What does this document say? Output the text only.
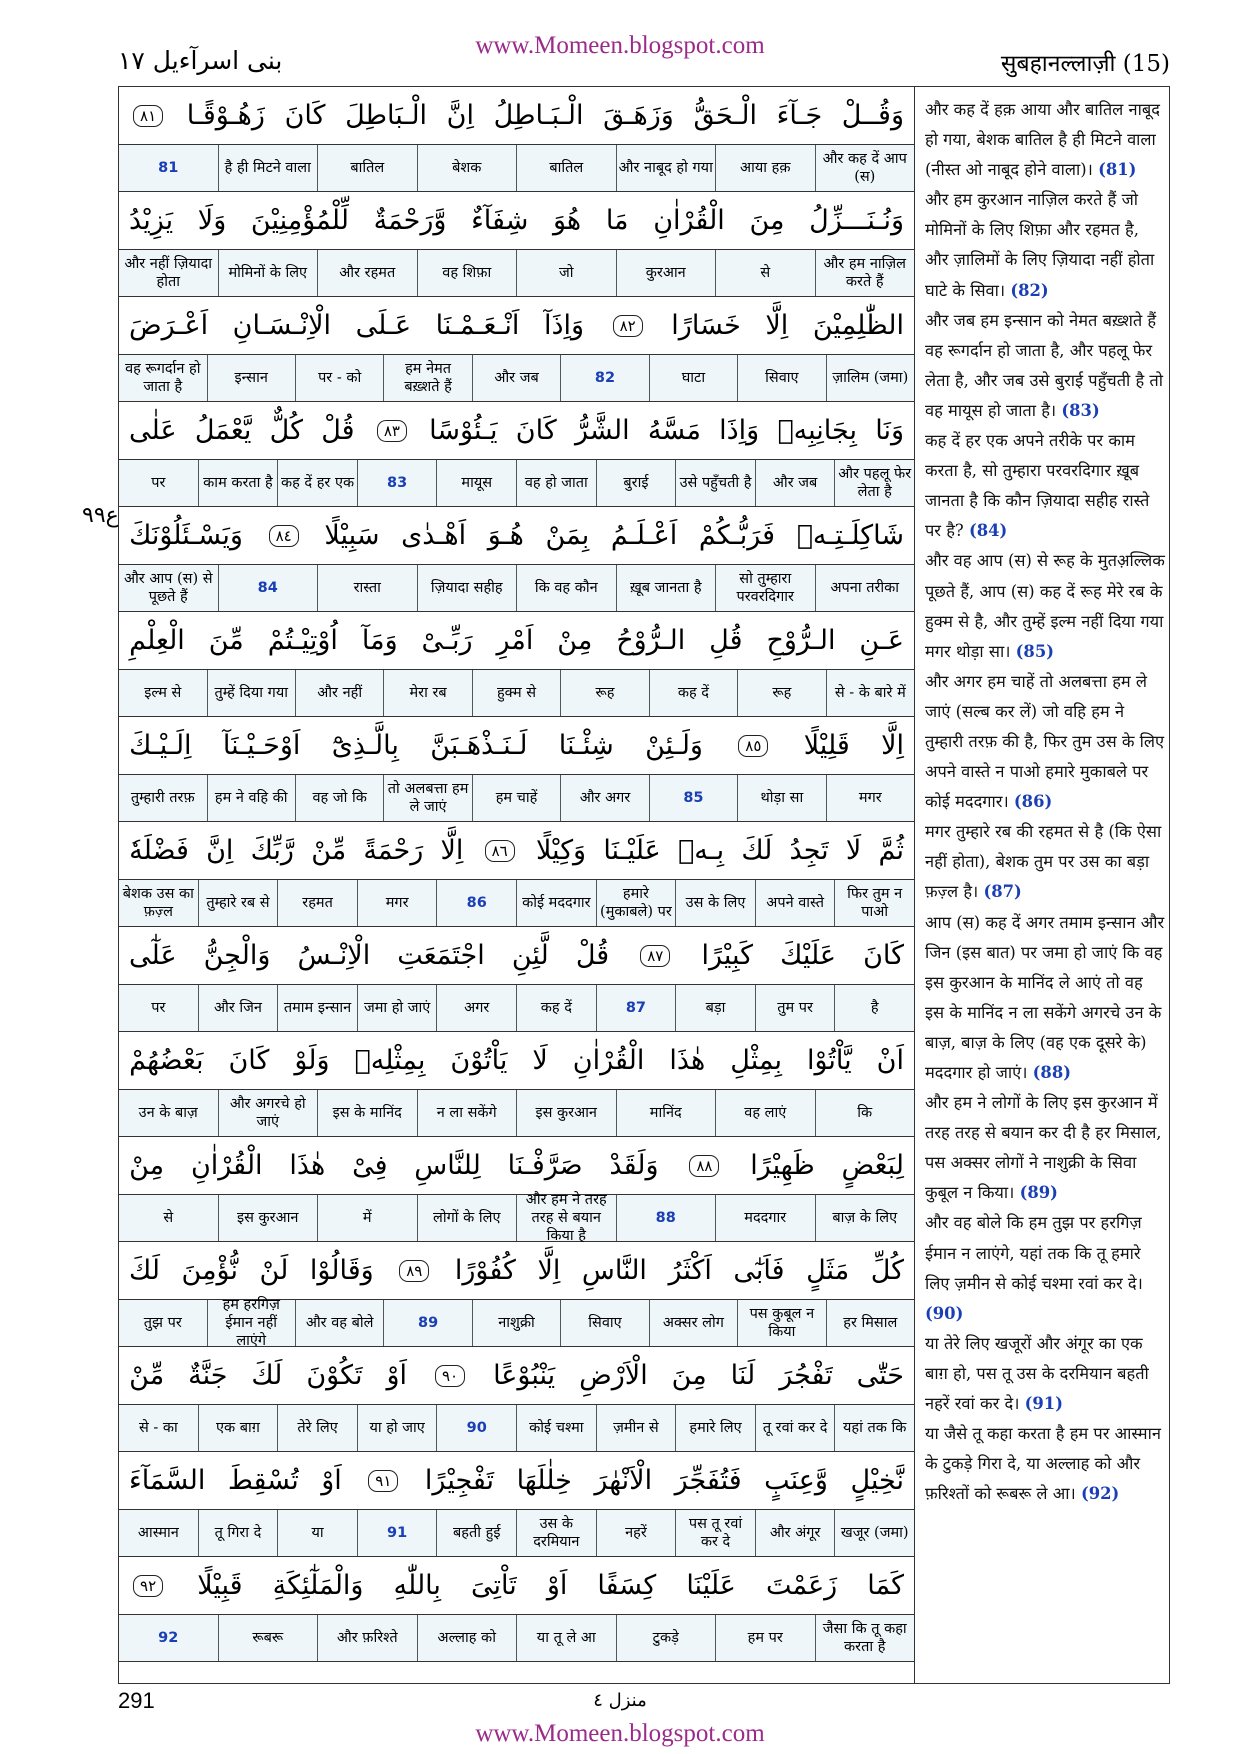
www.Momeen.blogspot.com
بنی اسرآءیل ۱۷	सुबहानल्लाज़ी (15)
۹ع۹
وَقُــلْ
جَـآءَ
الْـحَقُّ
وَزَهَـقَ
الْـبَـاطِلُ
اِنَّ
الْـبَاطِلَ
كَانَ
زَهُـوْقًـا
٨١
और कह दें आप (स)
आया हक़
और नाबूद हो गया
बातिल
बेशक
बातिल
है ही मिटने वाला
81
وَنُـنَـــزِّلُ
مِنَ
الْقُرْاٰنِ
مَا
هُوَ
شِفَآءٌ
وَّرَحْمَةٌ
لِّلْمُؤْمِنِيْنَ
وَلَا
يَزِيْدُ
और हम नाज़िल करते हैं
से
कुरआन
जो
वह शिफ़ा
और रहमत
मोमिनों के लिए
और नहीं ज़ियादा होता
الظّٰلِمِيْنَ
اِلَّا
خَسَارًا
٨٢
وَاِذَآ
اَنْـعَـمْـنَا
عَـلَى
الْاِنْـسَـانِ
اَعْـرَضَ
ज़ालिम (जमा)
सिवाए
घाटा
82
और जब
हम नेमत बख़्शते हैं
पर - को
इन्सान
वह रूगर्दान हो जाता है
وَنَا
بِجَانِبِهٖ
وَاِذَا
مَسَّهُ
الشَّرُّ
كَانَ
يَـئُوْسًا
٨٣
قُلْ
كُلٌّ
يَّعْمَلُ
عَلٰى
और पहलू फेर लेता है
और जब
उसे पहुँचती है
बुराई
वह हो जाता
मायूस
83
कह दें हर एक
काम करता है
पर
شَاكِلَـتِـهٖ
فَرَبُّـكُمْ
اَعْـلَـمُ
بِمَنْ
هُـوَ
اَهْـدٰى
سَبِيْلًا
٨٤
وَيَسْـئَلُوْنَكَ
अपना तरीका
सो तुम्हारा परवरदिगार
ख़ूब जानता है
कि वह कौन
ज़ियादा सहीह
रास्ता
84
और आप (स) से पूछते हैं
عَـنِ
الـرُّوْحِ
قُلِ
الـرُّوْحُ
مِنْ
اَمْرِ
رَبِّـىْ
وَمَآ
اُوْتِيْـتُمْ
مِّنَ
الْعِلْمِ
से - के बारे में
रूह
कह दें
रूह
हुक्म से
मेरा रब
और नहीं
तुम्हें दिया गया
इल्म से
اِلَّا
قَلِيْلًا
٨٥
وَلَـئِنْ
شِئْـنَا
لَـنَـذْهَـبَنَّ
بِالَّـذِىْٓ
اَوْحَـيْـنَآ
اِلَـيْـكَ
मगर
थोड़ा सा
85
और अगर
हम चाहें
तो अलबत्ता हम ले जाएं
वह जो कि
हम ने वहि की
तुम्हारी तरफ़
ثُمَّ
لَا
تَجِدُ
لَكَ
بِـهٖ
عَلَيْـنَا
وَكِيْلًا
٨٦
اِلَّا
رَحْمَةً
مِّنْ
رَّبِّكَ
اِنَّ
فَضْلَهٗ
फिर तुम न पाओ
अपने वास्ते
उस के लिए
हमारे (मुकाबले) पर
कोई मददगार
86
मगर
रहमत
तुम्हारे रब से
बेशक उस का फ़ज़्ल
كَانَ
عَلَيْكَ
كَبِيْرًا
٨٧
قُلْ
لَّئِنِ
اجْتَمَعَتِ
الْاِنْـسُ
وَالْجِنُّ
عَلٰٓى
है
तुम पर
बड़ा
87
कह दें
अगर
जमा हो जाएं
तमाम इन्सान
और जिन
पर
اَنْ
يَّاْتُوْا
بِمِثْلِ
هٰذَا
الْقُرْاٰنِ
لَا
يَاْتُوْنَ
بِمِثْلِهٖ
وَلَوْ
كَانَ
بَعْضُهُمْ
कि
वह लाएं
मानिंद
इस कुरआन
न ला सकेंगे
इस के मानिंद
और अगरचे हो जाएं
उन के बाज़
لِبَعْضٍ
ظَهِيْرًا
٨٨
وَلَقَدْ
صَرَّفْـنَا
لِلنَّاسِ
فِىْ
هٰذَا
الْقُرْاٰنِ
مِنْ
बाज़ के लिए
मददगार
88
और हम ने तरह तरह से बयान किया है
लोगों के लिए
में
इस कुरआन
से
كُلِّ
مَثَلٍ
فَاَبٰٓى
اَكْثَرُ
النَّاسِ
اِلَّا
كُفُوْرًا
٨٩
وَقَالُوْا
لَنْ
نُّؤْمِنَ
لَكَ
हर मिसाल
पस कुबूल न किया
अक्सर लोग
सिवाए
नाशुक्री
89
और वह बोले
हम हरगिज़ ईमान नहीं लाएंगे
तुझ पर
حَتّٰى
تَفْجُرَ
لَنَا
مِنَ
الْاَرْضِ
يَنْبُوْعًا
٩٠
اَوْ
تَكُوْنَ
لَكَ
جَنَّةٌ
مِّنْ
यहां तक कि
तू रवां कर दे
हमारे लिए
ज़मीन से
कोई चश्मा
90
या हो जाए
तेरे लिए
एक बाग़
से - का
نَّخِيْلٍ
وَّعِنَبٍ
فَتُفَجِّرَ
الْاَنْهٰرَ
خِلٰلَهَا
تَفْجِيْرًا
٩١
اَوْ
تُسْقِطَ
السَّمَآءَ
खजूर (जमा)
और अंगूर
पस तू रवां कर दे
नहरें
उस के दरमियान
बहती हुई
91
या
तू गिरा दे
आस्मान
كَمَا
زَعَمْتَ
عَلَيْنَا
كِسَفًا
اَوْ
تَاْتِىَ
بِاللّٰهِ
وَالْمَلٰٓئِكَةِ
قَبِيْلًا
٩٢
जैसा कि तू कहा करता है
हम पर
टुकड़े
या तू ले आ
अल्लाह को
और फ़रिश्ते
रूबरू
92
और कह दें हक़ आया और बातिल नाबूद हो गया, बेशक बातिल है ही मिटने वाला (नीस्त ओ नाबूद होने वाला)। (81)
और हम कुरआन नाज़िल करते हैं जो मोमिनों के लिए शिफ़ा और रहमत है, और ज़ालिमों के लिए ज़ियादा नहीं होता घाटे के सिवा। (82)
और जब हम इन्सान को नेमत बख़्शते हैं वह रूगर्दान हो जाता है, और पहलू फेर लेता है, और जब उसे बुराई पहुँचती है तो वह मायूस हो जाता है। (83)
कह दें हर एक अपने तरीके पर काम करता है, सो तुम्हारा परवरदिगार ख़ूब जानता है कि कौन ज़ियादा सहीह रास्ते पर है? (84)
और वह आप (स) से रूह के मुतअ़ल्लिक पूछते हैं, आप (स) कह दें रूह मेरे रब के हुक्म से है, और तुम्हें इल्म नहीं दिया गया मगर थोड़ा सा। (85)
और अगर हम चाहें तो अलबत्ता हम ले जाएं (सल्ब कर लें) जो वहि हम ने तुम्हारी तरफ़ की है, फिर तुम उस के लिए अपने वास्ते न पाओ हमारे मुकाबले पर कोई मददगार। (86)
मगर तुम्हारे रब की रहमत से है (कि ऐसा नहीं होता), बेशक तुम पर उस का बड़ा फ़ज़्ल है। (87)
आप (स) कह दें अगर तमाम इन्सान और जिन (इस बात) पर जमा हो जाएं कि वह इस कुरआन के मानिंद ले आएं तो वह इस के मानिंद न ला सकेंगे अगरचे उन के बाज़, बाज़ के लिए (वह एक दूसरे के) मददगार हो जाएं। (88)
और हम ने लोगों के लिए इस कुरआन में तरह तरह से बयान कर दी है हर मिसाल, पस अक्सर लोगों ने नाशुक्री के सिवा कुबूल न किया। (89)
और वह बोले कि हम तुझ पर हरगिज़ ईमान न लाएंगे, यहां तक कि तू हमारे लिए ज़मीन से कोई चश्मा रवां कर दे। (90)
या तेरे लिए खजूरों और अंगूर का एक बाग़ हो, पस तू उस के दरमियान बहती नहरें रवां कर दे। (91)
या जैसे तू कहा करता है हम पर आस्मान के टुकड़े गिरा दे, या अल्लाह को और फ़रिश्तों को रूबरू ले आ। (92)
291	منزل ٤
www.Momeen.blogspot.com
